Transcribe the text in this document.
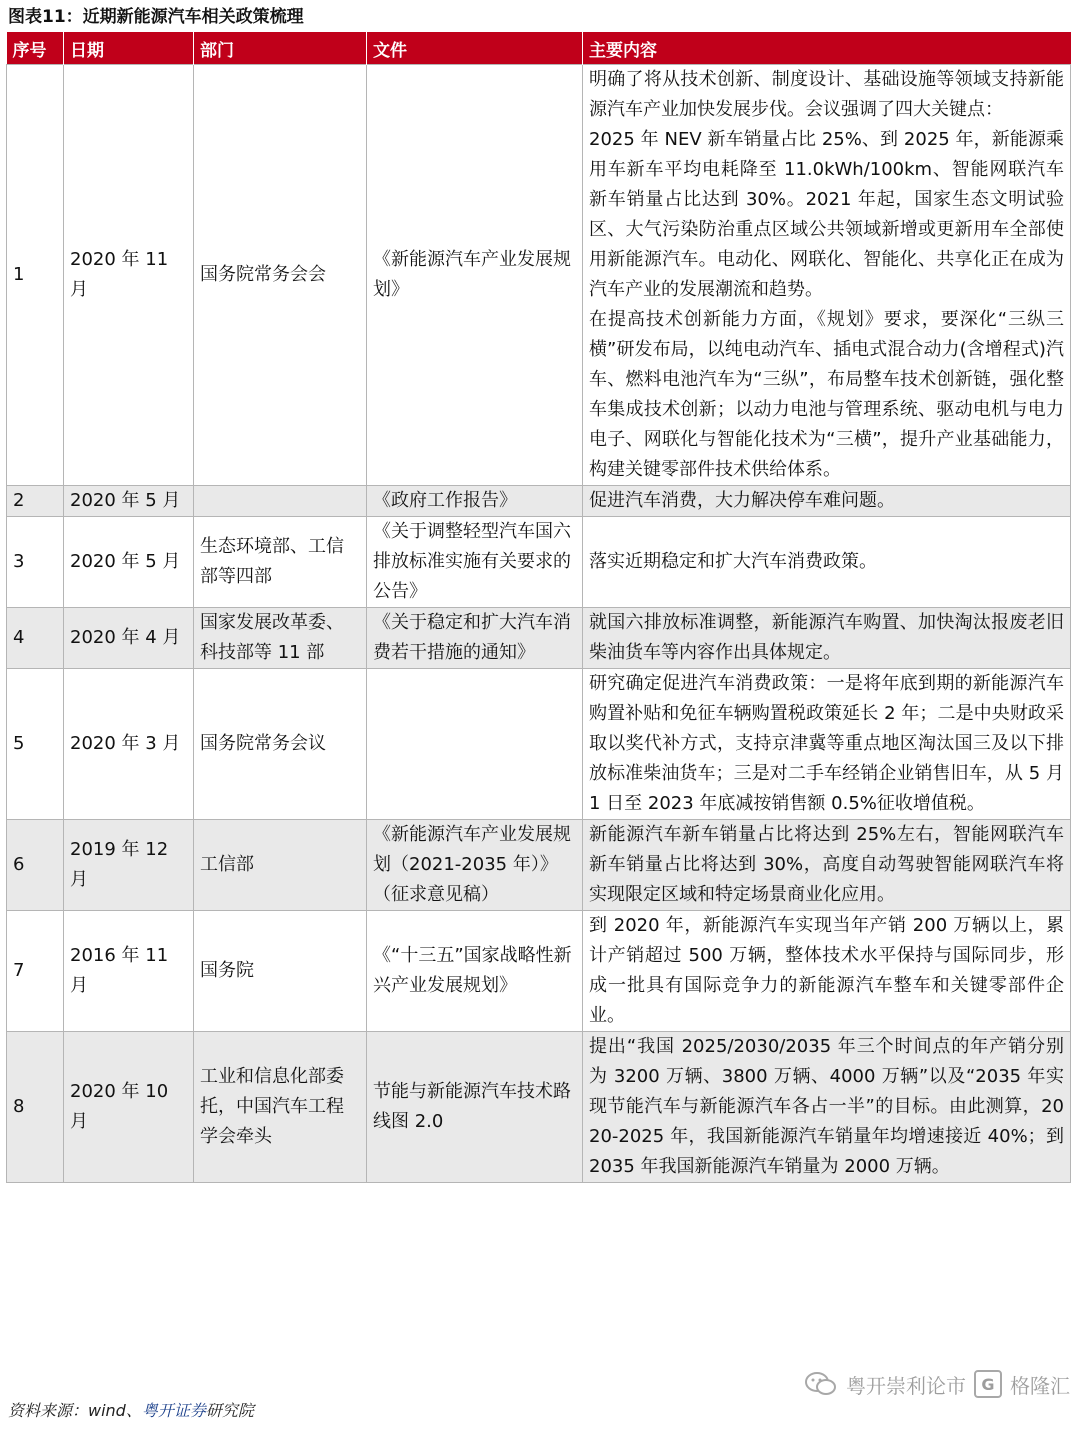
图表11：近期新能源汽车相关政策梳理
序号	日期	部门	文件	主要内容
1	2020 年 11 月	国务院常务会会	《新能源汽车产业发展规划》	明确了将从技术创新、制度设计、基础设施等领域支持新能源汽车产业加快发展步伐。会议强调了四大关键点：
2025 年 NEV 新车销量占比 25%、到 2025 年，新能源乘用车新车平均电耗降至 11.0kWh/100km、智能网联汽车新车销量占比达到 30%。2021 年起，国家生态文明试验区、大气污染防治重点区域公共领域新增或更新用车全部使用新能源汽车。电动化、网联化、智能化、共享化正在成为汽车产业的发展潮流和趋势。
在提高技术创新能力方面，《规划》要求，要深化“三纵三横”研发布局，以纯电动汽车、插电式混合动力(含增程式)汽车、燃料电池汽车为“三纵”，布局整车技术创新链，强化整车集成技术创新；以动力电池与管理系统、驱动电机与电力电子、网联化与智能化技术为“三横”，提升产业基础能力，构建关键零部件技术供给体系。

2	2020 年 5 月		《政府工作报告》	促进汽车消费，大力解决停车难问题。

3	2020 年 5 月	生态环境部、工信部等四部	《关于调整轻型汽车国六排放标准实施有关要求的公告》	落实近期稳定和扩大汽车消费政策。

4	2020 年 4 月	国家发展改革委、科技部等 11 部	《关于稳定和扩大汽车消费若干措施的通知》	就国六排放标准调整，新能源汽车购置、加快淘汰报废老旧柴油货车等内容作出具体规定。

5	2020 年 3 月	国务院常务会议		研究确定促进汽车消费政策：一是将年底到期的新能源汽车购置补贴和免征车辆购置税政策延长 2 年；二是中央财政采取以奖代补方式，支持京津冀等重点地区淘汰国三及以下排放标准柴油货车；三是对二手车经销企业销售旧车，从 5 月 1 日至 2023 年底减按销售额 0.5%征收增值税。

6	2019 年 12 月	工信部	《新能源汽车产业发展规划（2021-2035 年）》（征求意见稿）	新能源汽车新车销量占比将达到 25%左右，智能网联汽车新车销量占比将达到 30%，高度自动驾驶智能网联汽车将实现限定区域和特定场景商业化应用。

7	2016 年 11 月	国务院	《“十三五”国家战略性新兴产业发展规划》	到 2020 年，新能源汽车实现当年产销 200 万辆以上，累计产销超过 500 万辆，整体技术水平保持与国际同步，形成一批具有国际竞争力的新能源汽车整车和关键零部件企业。

8	2020 年 10 月	工业和信息化部委托，中国汽车工程学会牵头	节能与新能源汽车技术路线图 2.0	提出“我国 2025/2030/2035 年三个时间点的年产销分别为 3200 万辆、3800 万辆、4000 万辆”以及“2035 年实现节能汽车与新能源汽车各占一半”的目标。由此测算，2020-2025 年，我国新能源汽车销量年均增速接近 40%；到 2035 年我国新能源汽车销量为 2000 万辆。
粤开崇利论市 G 格隆汇
资料来源：wind、粤开证券研究院
